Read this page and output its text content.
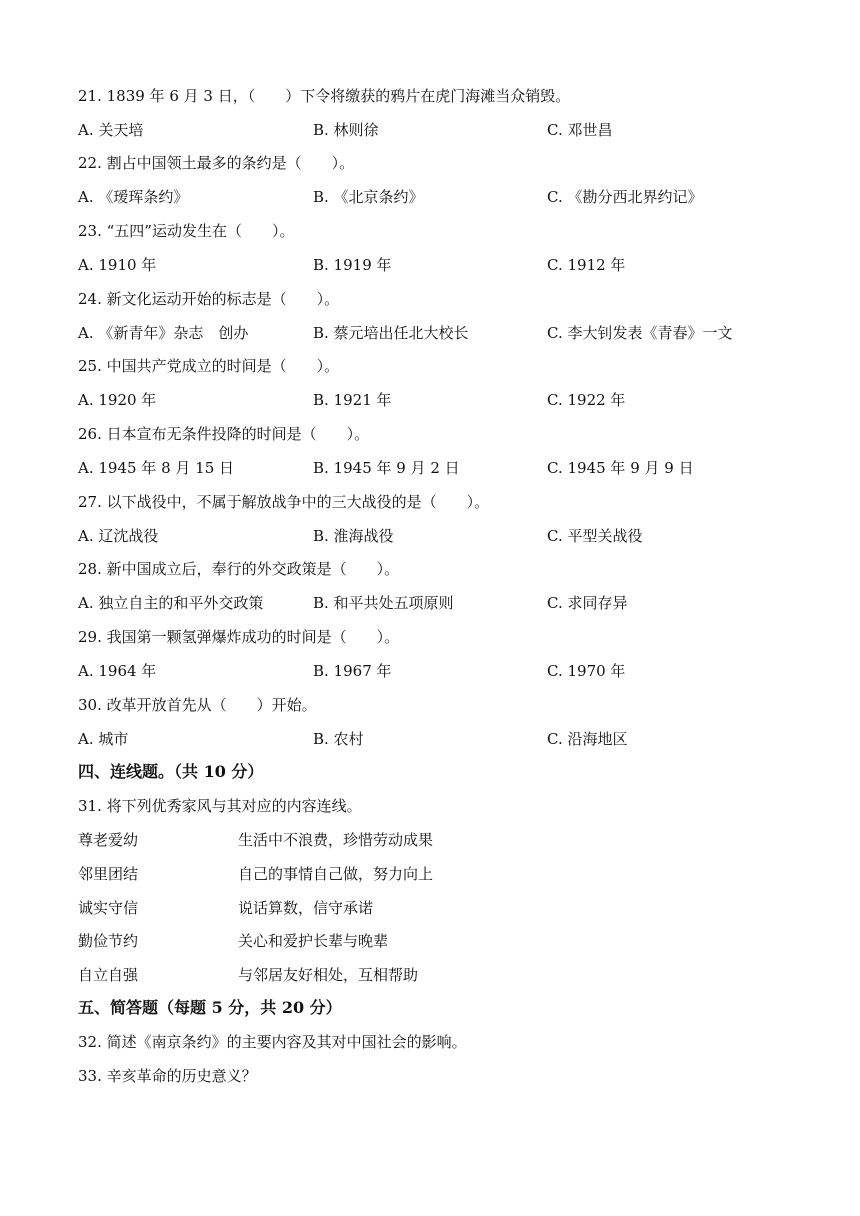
21. 1839 年 6 月 3 日，（　　）下令将缴获的鸦片在虎门海滩当众销毁。
A. 关天培	B. 林则徐	C. 邓世昌
22. 割占中国领土最多的条约是（　　）。
A. 《瑷珲条约》	B. 《北京条约》	C. 《勘分西北界约记》
23. “五四”运动发生在（　　）。
A. 1910 年	B. 1919 年	C. 1912 年
24. 新文化运动开始的标志是（　　）。
A. 《新青年》杂志　创办	B. 蔡元培出任北大校长	C. 李大钊发表《青春》一文
25. 中国共产党成立的时间是（　　）。
A. 1920 年	B. 1921 年	C. 1922 年
26. 日本宣布无条件投降的时间是（　　）。
A. 1945 年 8 月 15 日	B. 1945 年 9 月 2 日	C. 1945 年 9 月 9 日
27. 以下战役中，不属于解放战争中的三大战役的是（　　）。
A. 辽沈战役	B. 淮海战役	C. 平型关战役
28. 新中国成立后，奉行的外交政策是（　　）。
A. 独立自主的和平外交政策	B. 和平共处五项原则	C. 求同存异
29. 我国第一颗氢弹爆炸成功的时间是（　　）。
A. 1964 年	B. 1967 年	C. 1970 年
30. 改革开放首先从（　　）开始。
A. 城市	B. 农村	C. 沿海地区
四、连线题。（共 10 分）
31. 将下列优秀家风与其对应的内容连线。
尊老爱幼	生活中不浪费，珍惜劳动成果
邻里团结	自己的事情自己做，努力向上
诚实守信	说话算数，信守承诺
勤俭节约	关心和爱护长辈与晚辈
自立自强	与邻居友好相处，互相帮助
五、简答题（每题 5 分，共 20 分）
32. 简述《南京条约》的主要内容及其对中国社会的影响。
33. 辛亥革命的历史意义？
